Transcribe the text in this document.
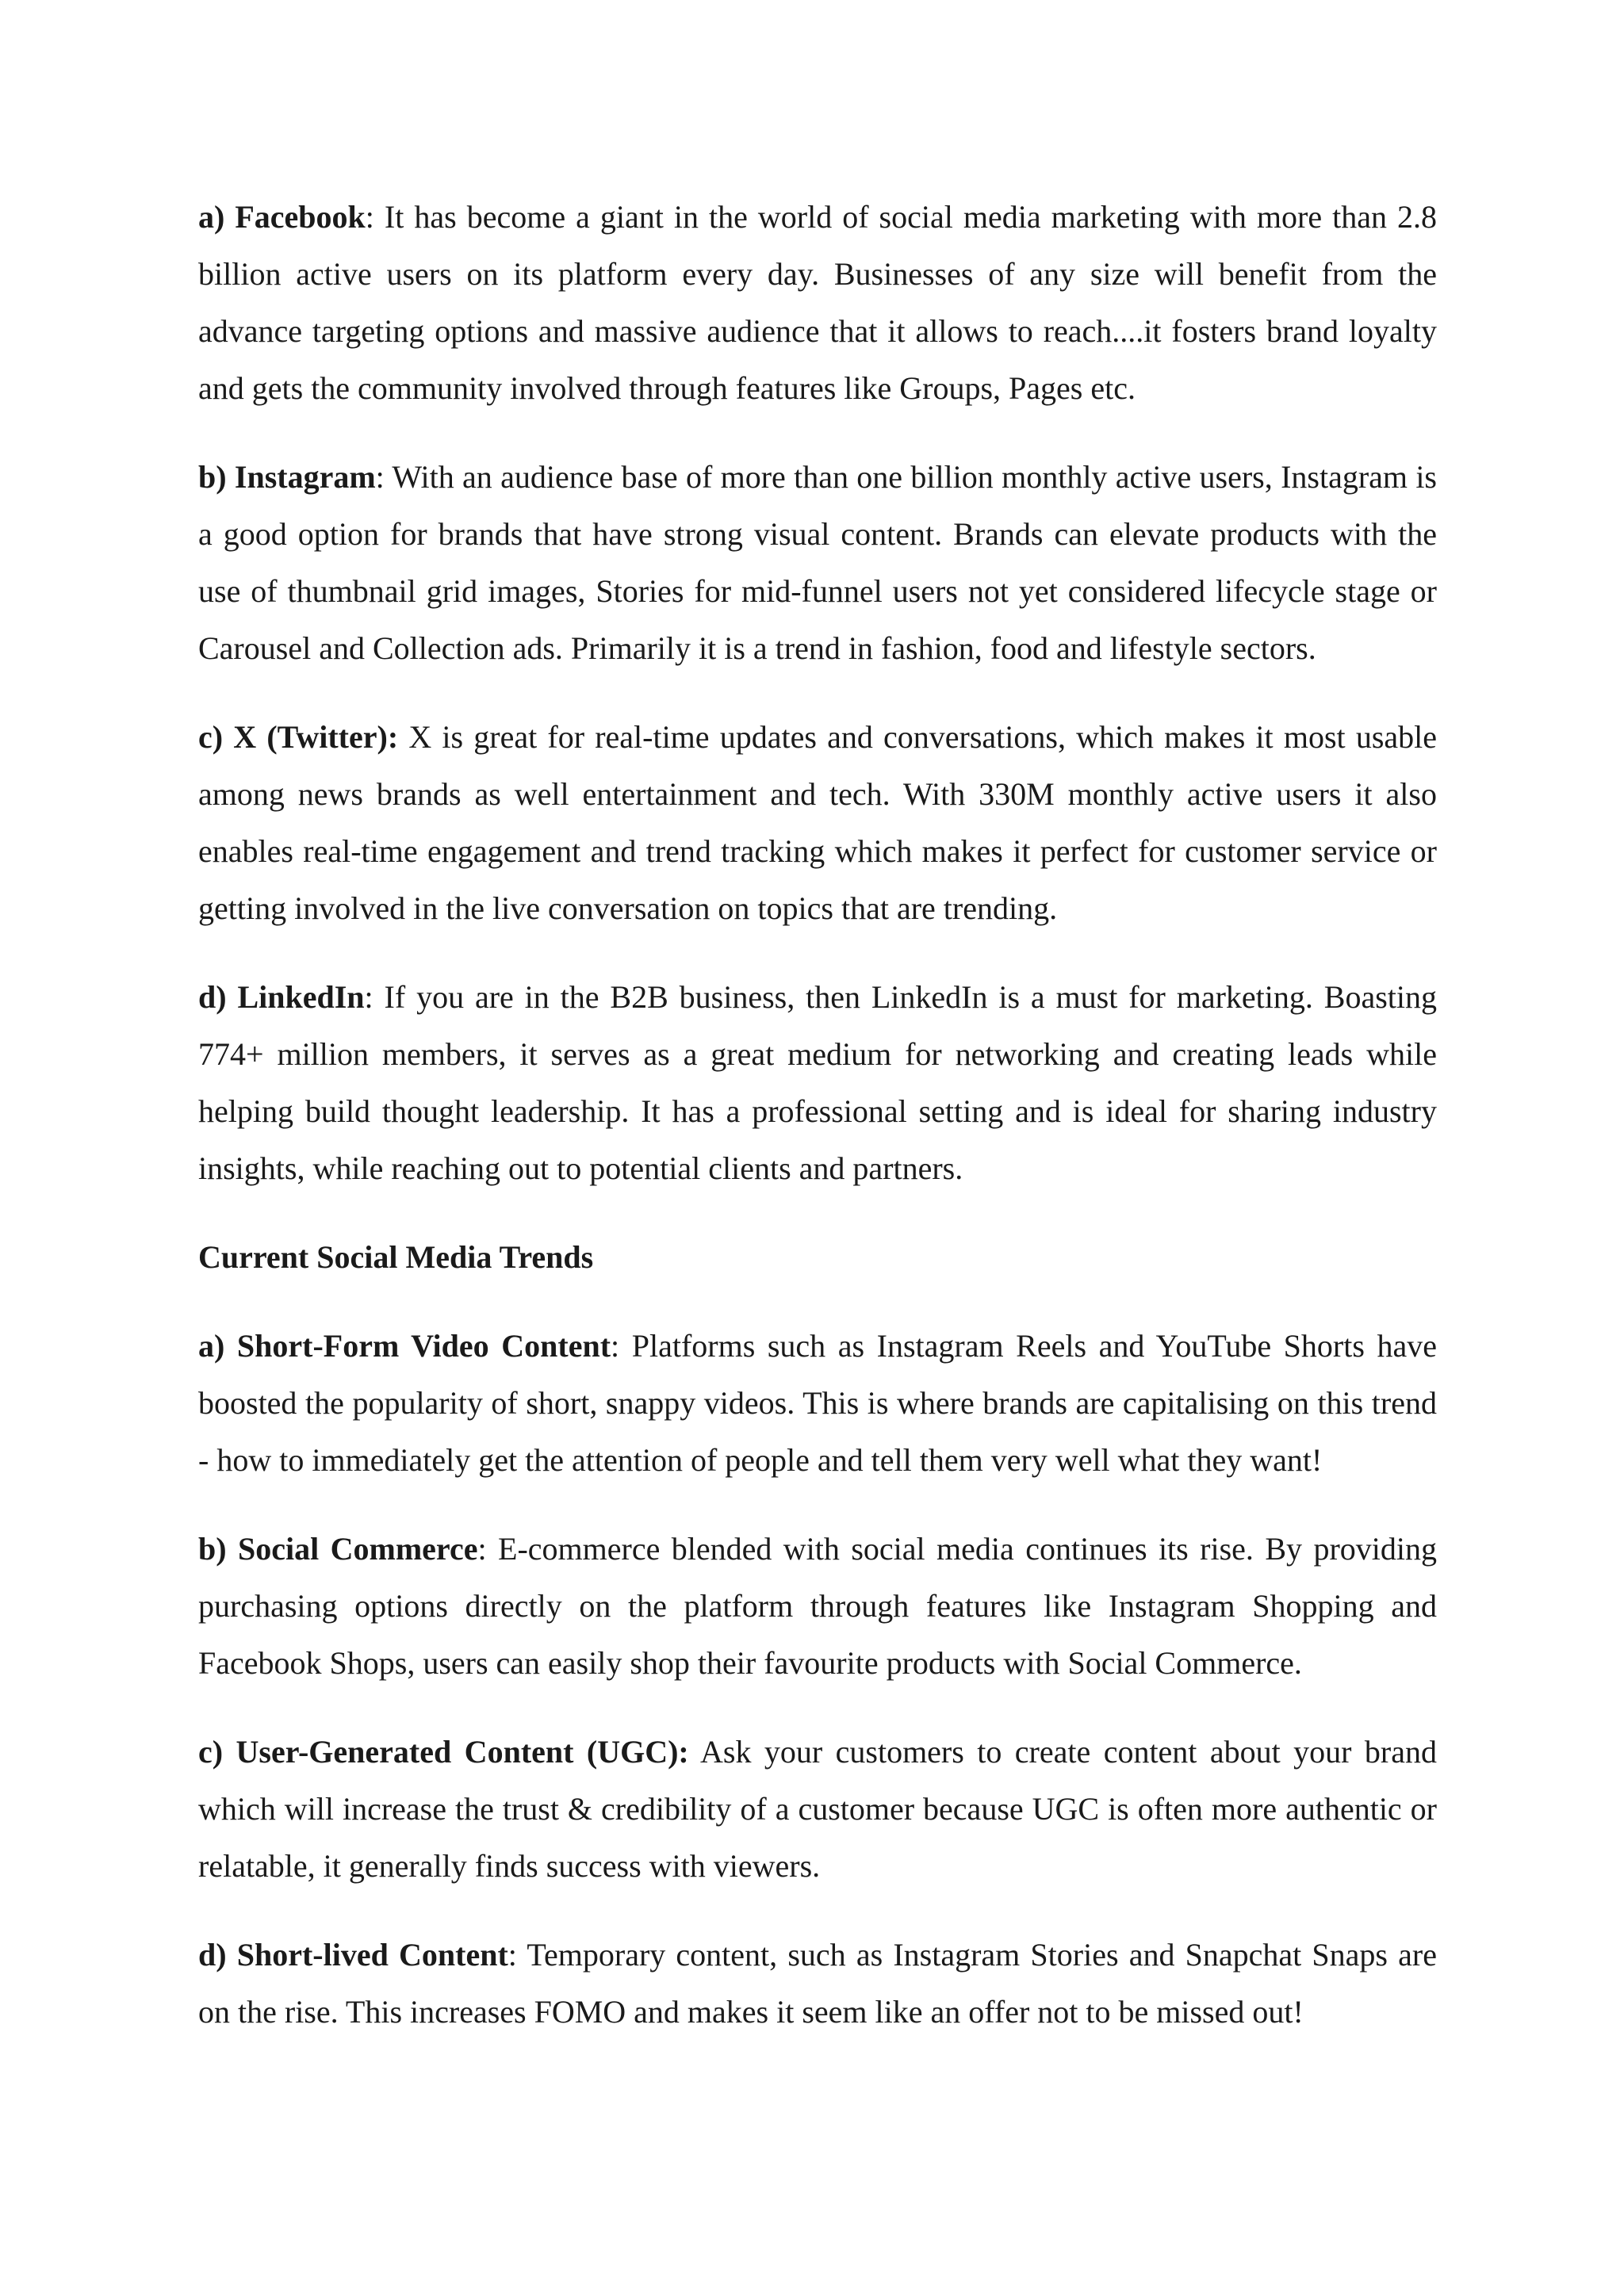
a) Facebook: It has become a giant in the world of social media marketing with more than 2.8 billion active users on its platform every day. Businesses of any size will benefit from the advance targeting options and massive audience that it allows to reach....it fosters brand loyalty and gets the community involved through features like Groups, Pages etc.

b) Instagram: With an audience base of more than one billion monthly active users, Instagram is a good option for brands that have strong visual content. Brands can elevate products with the use of thumbnail grid images, Stories for mid-funnel users not yet considered lifecycle stage or Carousel and Collection ads. Primarily it is a trend in fashion, food and lifestyle sectors.

c) X (Twitter): X is great for real-time updates and conversations, which makes it most usable among news brands as well entertainment and tech. With 330M monthly active users it also enables real-time engagement and trend tracking which makes it perfect for customer service or getting involved in the live conversation on topics that are trending.

d) LinkedIn: If you are in the B2B business, then LinkedIn is a must for marketing. Boasting 774+ million members, it serves as a great medium for networking and creating leads while helping build thought leadership. It has a professional setting and is ideal for sharing industry insights, while reaching out to potential clients and partners.

Current Social Media Trends

a) Short-Form Video Content: Platforms such as Instagram Reels and YouTube Shorts have boosted the popularity of short, snappy videos. This is where brands are capitalising on this trend - how to immediately get the attention of people and tell them very well what they want!

b) Social Commerce: E-commerce blended with social media continues its rise. By providing purchasing options directly on the platform through features like Instagram Shopping and Facebook Shops, users can easily shop their favourite products with Social Commerce.

c) User-Generated Content (UGC): Ask your customers to create content about your brand which will increase the trust & credibility of a customer because UGC is often more authentic or relatable, it generally finds success with viewers.

d) Short-lived Content: Temporary content, such as Instagram Stories and Snapchat Snaps are on the rise. This increases FOMO and makes it seem like an offer not to be missed out!
